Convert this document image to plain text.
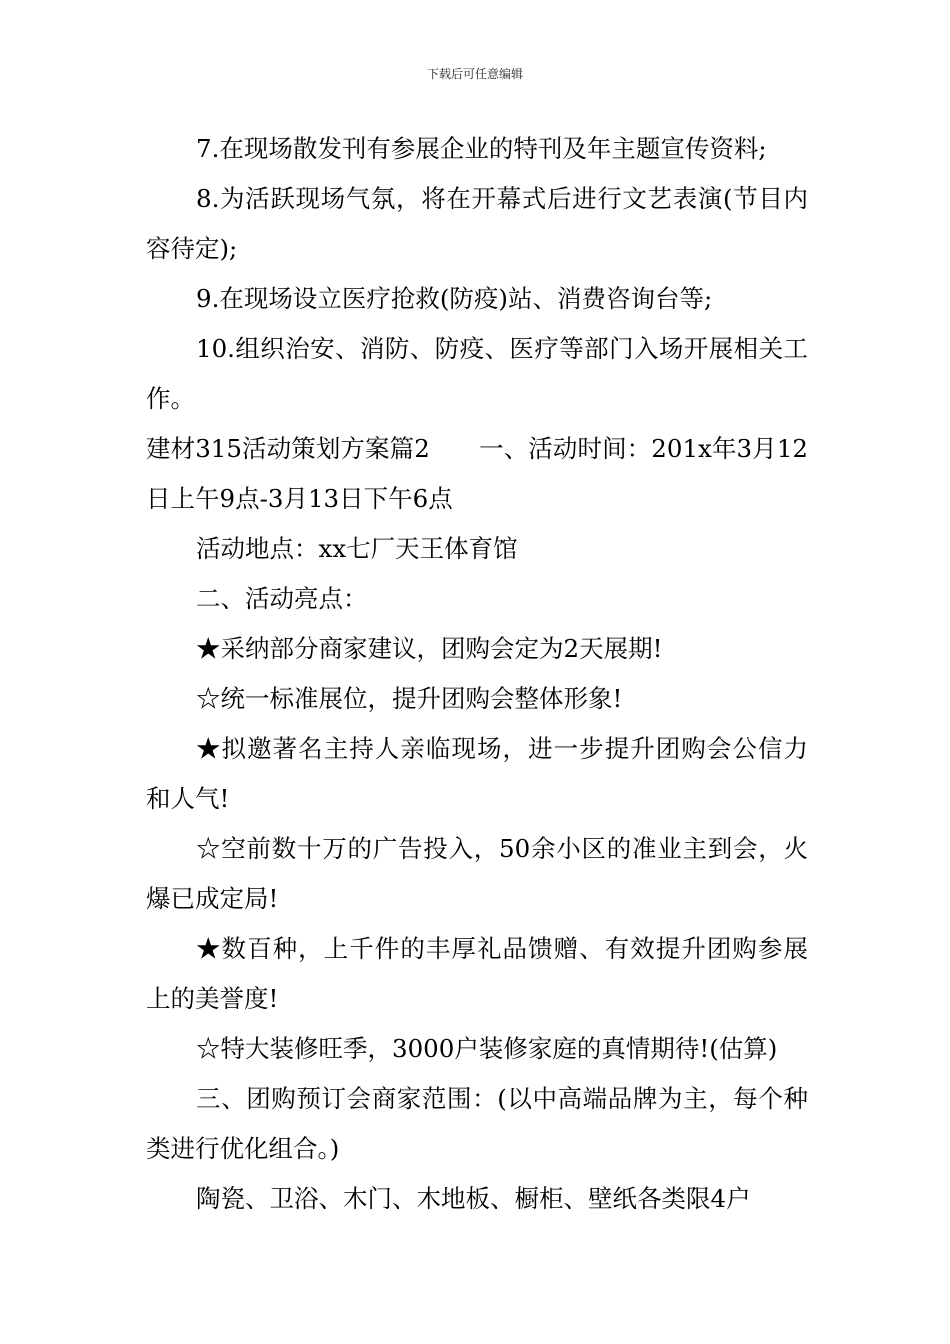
下载后可任意编辑

7.在现场散发刊有参展企业的特刊及年主题宣传资料;

8.为活跃现场气氛，将在开幕式后进行文艺表演(节目内容待定);

9.在现场设立医疗抢救(防疫)站、消费咨询台等;

10.组织治安、消防、防疫、医疗等部门入场开展相关工作。

建材315活动策划方案篇2　　一、活动时间：201x年3月12日上午9点-3月13日下午6点

活动地点：xx七厂天王体育馆

二、活动亮点：

★采纳部分商家建议，团购会定为2天展期!

☆统一标准展位，提升团购会整体形象!

★拟邀著名主持人亲临现场，进一步提升团购会公信力和人气!

☆空前数十万的广告投入，50余小区的准业主到会，火爆已成定局!

★数百种，上千件的丰厚礼品馈赠、有效提升团购参展上的美誉度!

☆特大装修旺季，3000户装修家庭的真情期待!(估算)

三、团购预订会商家范围：(以中高端品牌为主，每个种类进行优化组合。)

陶瓷、卫浴、木门、木地板、橱柜、壁纸各类限4户
